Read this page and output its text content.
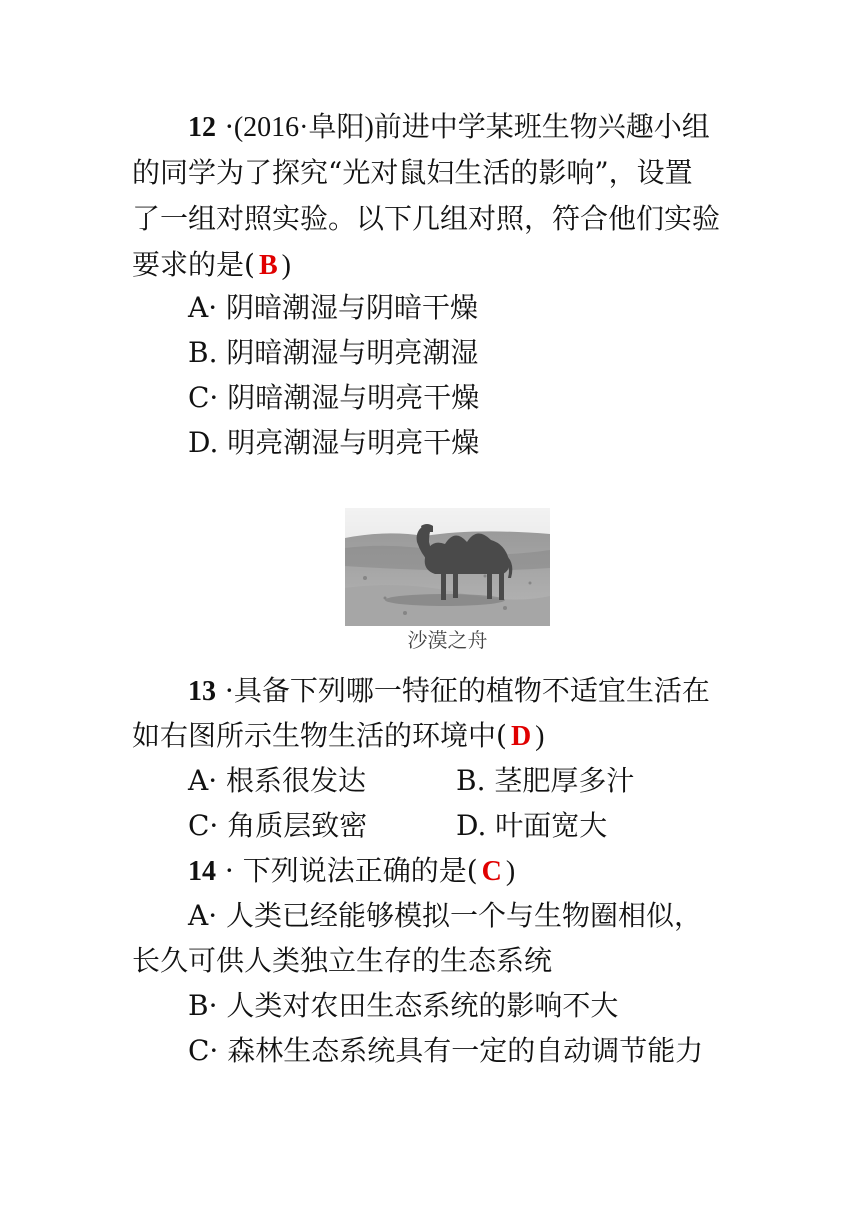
12 ·(2016·阜阳)前进中学某班生物兴趣小组
的同学为了探究“光对鼠妇生活的影响”，设置
了一组对照实验。以下几组对照，符合他们实验
要求的是( B )
A· 阴暗潮湿与阴暗干燥
B. 阴暗潮湿与明亮潮湿
C· 阴暗潮湿与明亮干燥
D. 明亮潮湿与明亮干燥
沙漠之舟
13 ·具备下列哪一特征的植物不适宜生活在
如右图所示生物生活的环境中( D )
A· 根系很发达	B. 茎肥厚多汁
C· 角质层致密	D. 叶面宽大
14 · 下列说法正确的是( C )
A· 人类已经能够模拟一个与生物圈相似，
长久可供人类独立生存的生态系统
B· 人类对农田生态系统的影响不大
C· 森林生态系统具有一定的自动调节能力
